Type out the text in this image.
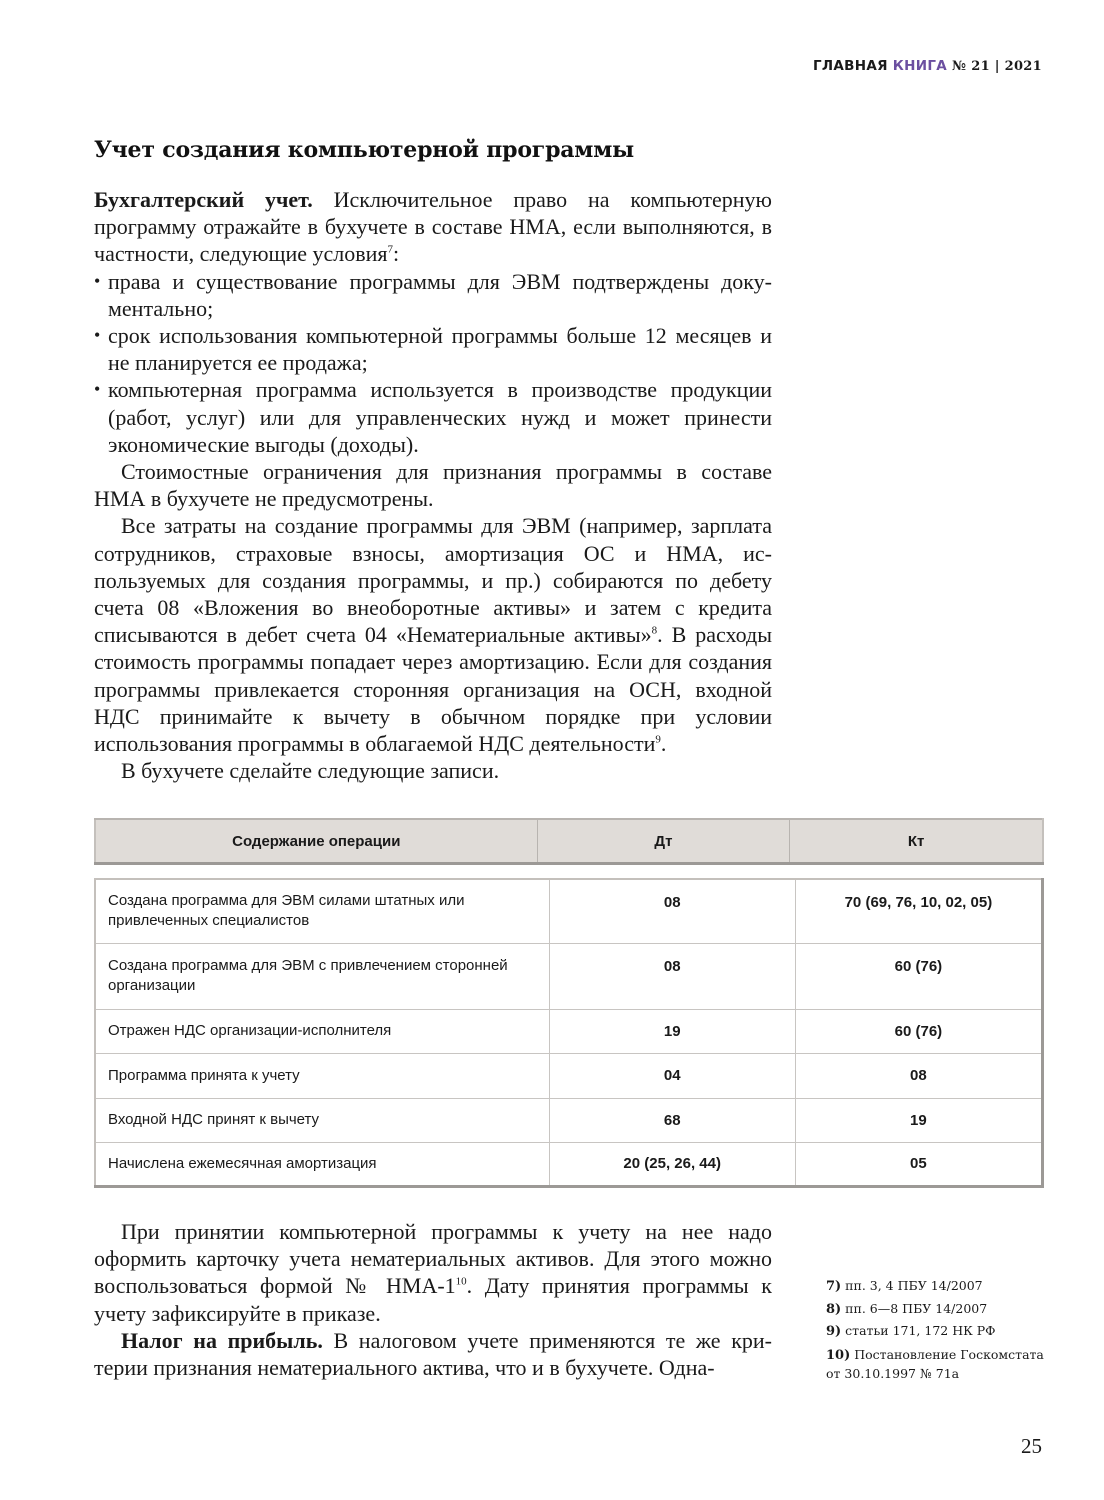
ГЛАВНАЯ КНИГА № 21 | 2021
Учет создания компьютерной программы

Бухгалтерский учет. Исключительное право на компьютерную программу отражайте в бухучете в составе НМА, если выполняются, в частности, следующие условия$^7$:

• права и существование программы для ЭВМ подтверждены документально;
• срок использования компьютерной программы больше 12 месяцев и не планируется ее продажа;
• компьютерная программа используется в производстве продукции (работ, услуг) или для управленческих нужд и может принести экономические выгоды (доходы).

Стоимостные ограничения для признания программы в составе НМА в бухучете не предусмотрены.

Все затраты на создание программы для ЭВМ (например, зарплата сотрудников, страховые взносы, амортизация ОС и НМА, используемых для создания программы, и пр.) собираются по дебету счета 08 «Вложения во внеоборотные активы» и затем с кредита списываются в дебет счета 04 «Нематериальные активы»$^8$. В расходы стоимость программы попадает через амортизацию. Если для создания программы привлекается сторонняя организация на ОСН, входной НДС принимайте к вычету в обычном порядке при условии использования программы в облагаемой НДС деятельности$^9$.

В бухучете сделайте следующие записи.

Содержание операции	Дт	Кт
Создана программа для ЭВМ силами штатных или привлеченных специалистов	08	70 (69, 76, 10, 02, 05)
Создана программа для ЭВМ с привлечением сторонней организации	08	60 (76)
Отражен НДС организации-исполнителя	19	60 (76)
Программа принята к учету	04	08
Входной НДС принят к вычету	68	19
Начислена ежемесячная амортизация	20 (25, 26, 44)	05

При принятии компьютерной программы к учету на нее надо оформить карточку учета нематериальных активов. Для этого можно воспользоваться формой № НМА-$1^{10}$. Дату принятия программы к учету зафиксируйте в приказе.

Налог на прибыль. В налоговом учете применяются те же критерии признания нематериального актива, что и в бухучете. Одна-

7) пп. 3, 4 ПБУ 14/2007
8) пп. 6—8 ПБУ 14/2007
9) статьи 171, 172 НК РФ
10) Постановление Госкомстата от 30.10.1997 № 71а
25
